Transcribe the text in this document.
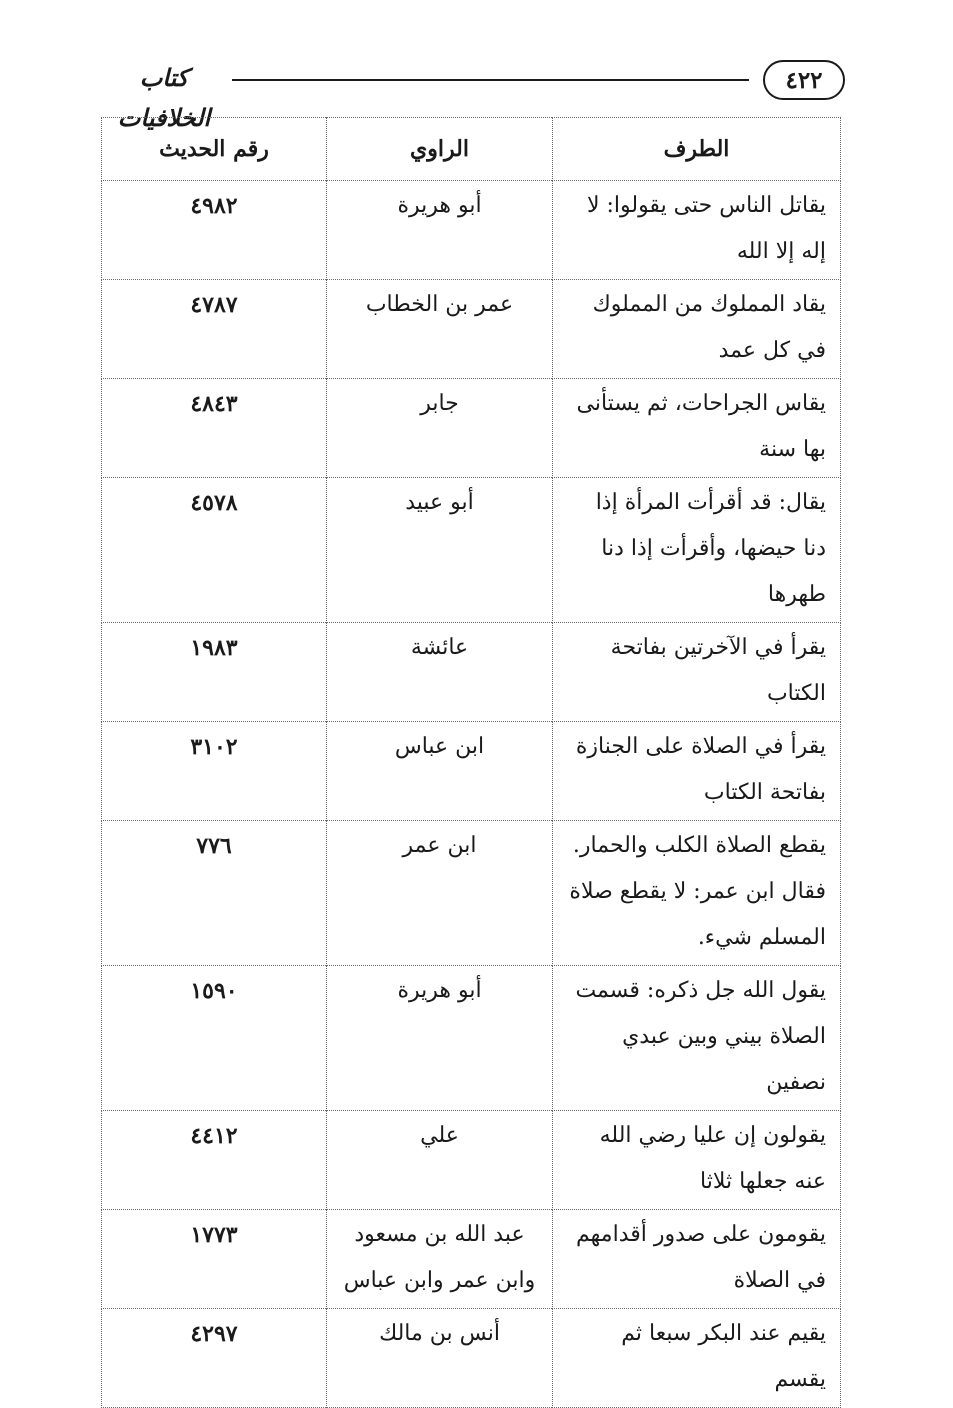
كتاب الخلافيات
٤٢٢
الطرف	الراوي	رقم الحديث
يقاتل الناس حتى يقولوا: لا إله إلا الله	أبو هريرة	٤٩٨٢
يقاد المملوك من المملوك في كل عمد	عمر بن الخطاب	٤٧٨٧
يقاس الجراحات، ثم يستأنى بها سنة	جابر	٤٨٤٣
يقال: قد أقرأت المرأة إذا دنا حيضها، وأقرأت إذا دنا طهرها	أبو عبيد	٤٥٧٨
يقرأ في الآخرتين بفاتحة الكتاب	عائشة	١٩٨٣
يقرأ في الصلاة على الجنازة بفاتحة الكتاب	ابن عباس	٣١٠٢
يقطع الصلاة الكلب والحمار. فقال ابن عمر: لا يقطع صلاة المسلم شيء.	ابن عمر	٧٧٦
يقول الله جل ذكره: قسمت الصلاة بيني وبين عبدي نصفين	أبو هريرة	١٥٩٠
يقولون إن عليا رضي الله عنه جعلها ثلاثا	علي	٤٤١٢
يقومون على صدور أقدامهم في الصلاة	عبد الله بن مسعود وابن عمر وابن عباس	١٧٧٣
يقيم عند البكر سبعا ثم يقسم	أنس بن مالك	٤٢٩٧
